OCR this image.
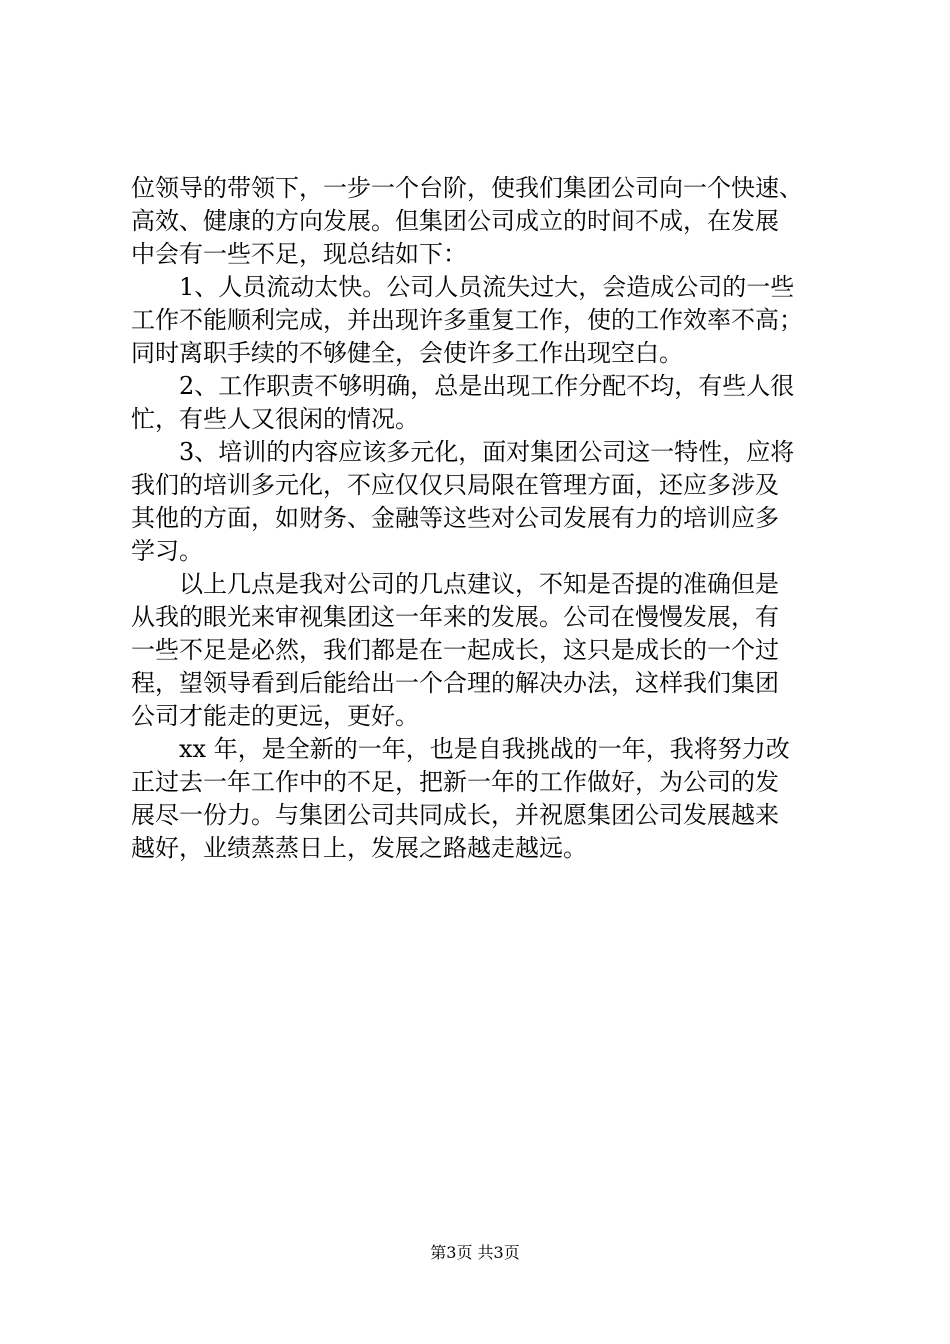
位领导的带领下，一步一个台阶，使我们集团公司向一个快速、
高效、健康的方向发展。但集团公司成立的时间不成，在发展
中会有一些不足，现总结如下：
1、人员流动太快。公司人员流失过大，会造成公司的一些
工作不能顺利完成，并出现许多重复工作，使的工作效率不高；
同时离职手续的不够健全，会使许多工作出现空白。
2、工作职责不够明确，总是出现工作分配不均，有些人很
忙，有些人又很闲的情况。
3、培训的内容应该多元化，面对集团公司这一特性，应将
我们的培训多元化，不应仅仅只局限在管理方面，还应多涉及
其他的方面，如财务、金融等这些对公司发展有力的培训应多
学习。
以上几点是我对公司的几点建议，不知是否提的准确但是
从我的眼光来审视集团这一年来的发展。公司在慢慢发展，有
一些不足是必然，我们都是在一起成长，这只是成长的一个过
程，望领导看到后能给出一个合理的解决办法，这样我们集团
公司才能走的更远，更好。
xx 年，是全新的一年，也是自我挑战的一年，我将努力改
正过去一年工作中的不足，把新一年的工作做好，为公司的发
展尽一份力。与集团公司共同成长，并祝愿集团公司发展越来
越好，业绩蒸蒸日上，发展之路越走越远。
第3页 共3页
